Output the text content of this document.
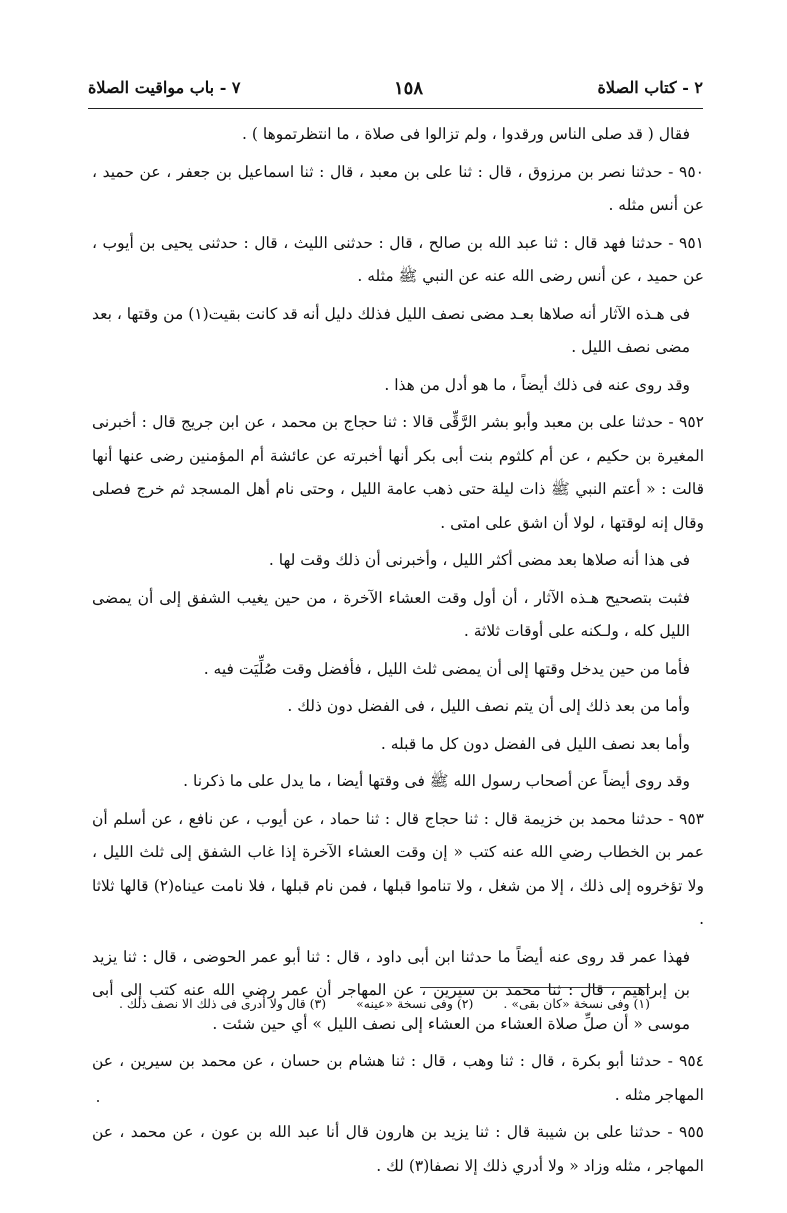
٢ - كتاب الصلاة
١٥٨
٧ - باب مواقيت الصلاة

فقال ( قد صلى الناس ورقدوا ، ولم تزالوا فى صلاة ، ما انتظرتموها ) .

٩٥٠ - حدثنا نصر بن مرزوق ، قال : ثنا على بن معبد ، قال : ثنا اسماعيل بن جعفر ، عن حميد ، عن أنس مثله .

٩٥١ - حدثنا فهد قال : ثنا عبد الله بن صالح ، قال : حدثنى الليث ، قال : حدثنى يحيى بن أيوب ، عن حميد ، عن أنس رضى الله عنه عن النبي ﷺ مثله .

فى هـذه الآثار أنه صلاها بعـد مضى نصف الليل فذلك دليل أنه قد كانت بقيت(١) من وقتها ، بعد مضى نصف الليل .

وقد روى عنه فى ذلك أيضاً ، ما هو أدل من هذا .

٩٥٢ - حدثنا على بن معبد وأبو بشر الرَّقِّى قالا : ثنا حجاج بن محمد ، عن ابن جريج قال : أخبرنى المغيرة بن حكيم ، عن أم كلثوم بنت أبى بكر أنها أخبرته عن عائشة أم المؤمنين رضى عنها أنها قالت : « أعتم النبي ﷺ ذات ليلة حتى ذهب عامة الليل ، وحتى نام أهل المسجد ثم خرج فصلى وقال إنه لوقتها ، لولا أن اشق على امتى .

فى هذا أنه صلاها بعد مضى أكثر الليل ، وأخبرنى أن ذلك وقت لها .

فثبت بتصحيح هـذه الآثار ، أن أول وقت العشاء الآخرة ، من حين يغيب الشفق إلى أن يمضى الليل كله ، ولـكنه على أوقات ثلاثة .

فأما من حين يدخل وقتها إلى أن يمضى ثلث الليل ، فأفضل وقت صُلِّيَت فيه .

وأما من بعد ذلك إلى أن يتم نصف الليل ، فى الفضل دون ذلك .

وأما بعد نصف الليل فى الفضل دون كل ما قبله .

وقد روى أيضاً عن أصحاب رسول الله ﷺ فى وقتها أيضا ، ما يدل على ما ذكرنا .

٩٥٣ - حدثنا محمد بن خزيمة قال : ثنا حجاج قال : ثنا حماد ، عن أيوب ، عن نافع ، عن أسلم أن عمر بن الخطاب رضي الله عنه كتب « إن وقت العشاء الآخرة إذا غاب الشفق إلى ثلث الليل ، ولا تؤخروه إلى ذلك ، إلا من شغل ، ولا تناموا قبلها ، فمن نام قبلها ، فلا نامت عيناه(٢) قالها ثلاثا .

فهذا عمر قد روى عنه أيضاً ما حدثنا ابن أبى داود ، قال : ثنا أبو عمر الحوضى ، قال : ثنا يزيد بن إبراهيم ، قال : ثنا محمد بن سيرين ، عن المهاجر أن عمر رضي الله عنه كتب إلى أبى موسى « أن صلِّ صلاة العشاء من العشاء إلى نصف الليل » أي حين شئت .

٩٥٤ - حدثنا أبو بكرة ، قال : ثنا وهب ، قال : ثنا هشام بن حسان ، عن محمد بن سيرين ، عن المهاجر مثله .

٩٥٥ - حدثنا على بن شيبة قال : ثنا يزيد بن هارون قال أنا عبد الله بن عون ، عن محمد ، عن المهاجر ، مثله وزاد « ولا أدري ذلك إلا نصفا(٣) لك .

(١) وفى نسخة «كان بقى» . (٢) وفى نسخة «عينه» (٣) قال ولا أدرى فى ذلك الا نصف ذلك .
